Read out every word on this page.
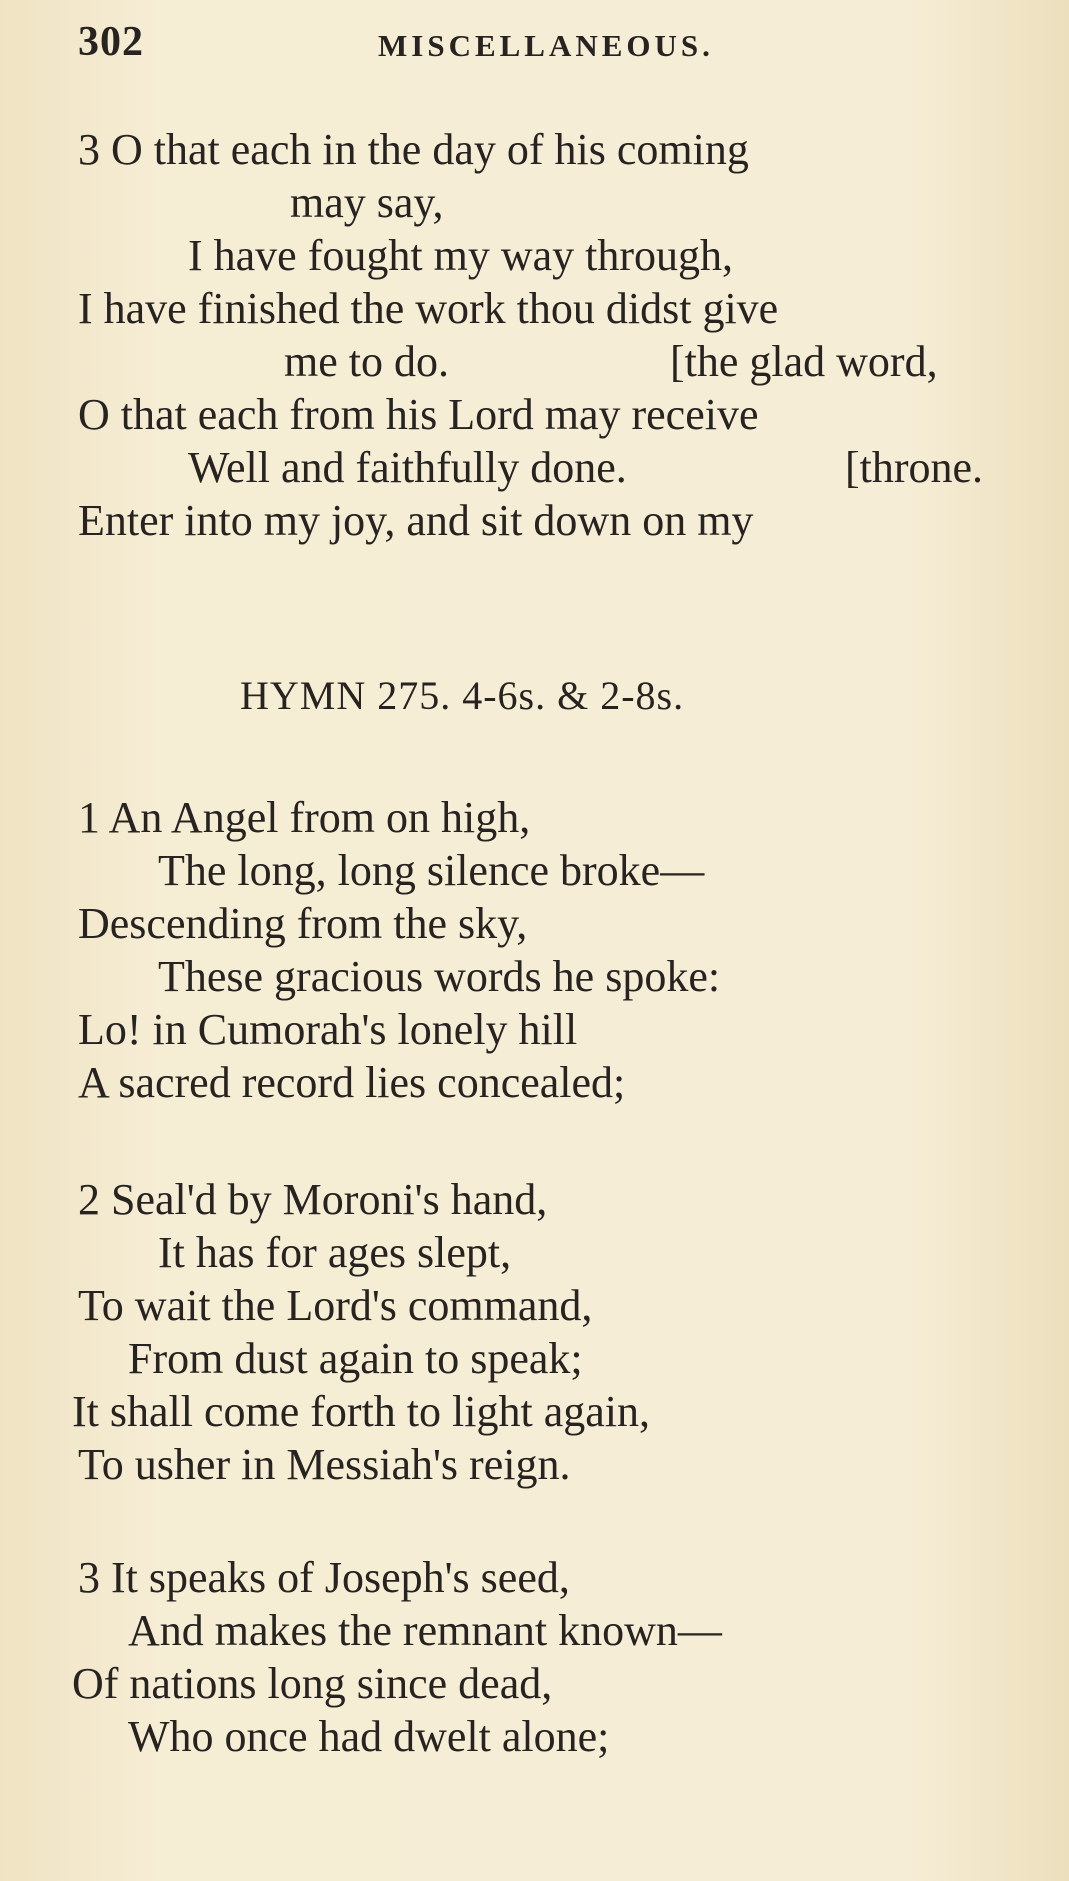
302	MISCELLANEOUS.
3 O that each in the day of his coming
may say,
I have fought my way through,
I have finished the work thou didst give
me to do.	[the glad word,
O that each from his Lord may receive
Well and faithfully done.	[throne.
Enter into my joy, and sit down on my
HYMN 275. 4-6s. & 2-8s.
1 An Angel from on high,
The long, long silence broke—
Descending from the sky,
These gracious words he spoke:
Lo! in Cumorah's lonely hill
A sacred record lies concealed;
2 Seal'd by Moroni's hand,
It has for ages slept,
To wait the Lord's command,
From dust again to speak;
It shall come forth to light again,
To usher in Messiah's reign.
3 It speaks of Joseph's seed,
And makes the remnant known—
Of nations long since dead,
Who once had dwelt alone;
